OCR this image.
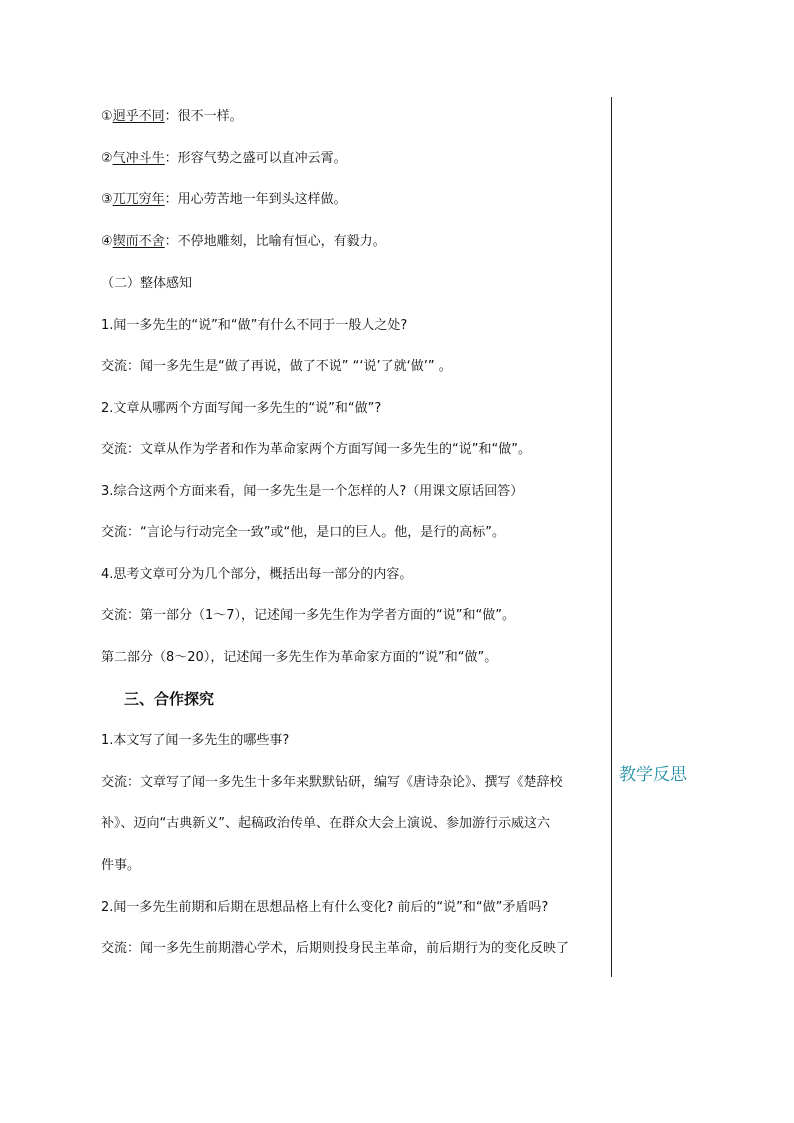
①迥乎不同：很不一样。
②气冲斗牛：形容气势之盛可以直冲云霄。
③兀兀穷年：用心劳苦地一年到头这样做。
④锲而不舍：不停地雕刻，比喻有恒心，有毅力。
（二）整体感知
1.闻一多先生的“说”和“做”有什么不同于一般人之处?
交流：闻一多先生是“做了再说，做了不说” “‘说’了就‘做’” 。
2.文章从哪两个方面写闻一多先生的“说”和“做”?
交流：文章从作为学者和作为革命家两个方面写闻一多先生的“说”和“做”。
3.综合这两个方面来看，闻一多先生是一个怎样的人?（用课文原话回答）
交流：“言论与行动完全一致”或“他，是口的巨人。他，是行的高标”。
4.思考文章可分为几个部分，概括出每一部分的内容。
交流：第一部分（1～7），记述闻一多先生作为学者方面的“说”和“做”。
第二部分（8～20），记述闻一多先生作为革命家方面的“说”和“做”。
三、合作探究
1.本文写了闻一多先生的哪些事?
交流：文章写了闻一多先生十多年来默默钻研，编写《唐诗杂论》、撰写《楚辞校
补》、迈向“古典新义”、起稿政治传单、在群众大会上演说、参加游行示威这六
件事。
2.闻一多先生前期和后期在思想品格上有什么变化? 前后的“说”和“做”矛盾吗?
交流：闻一多先生前期潜心学术，后期则投身民主革命，前后期行为的变化反映了
教学反思
